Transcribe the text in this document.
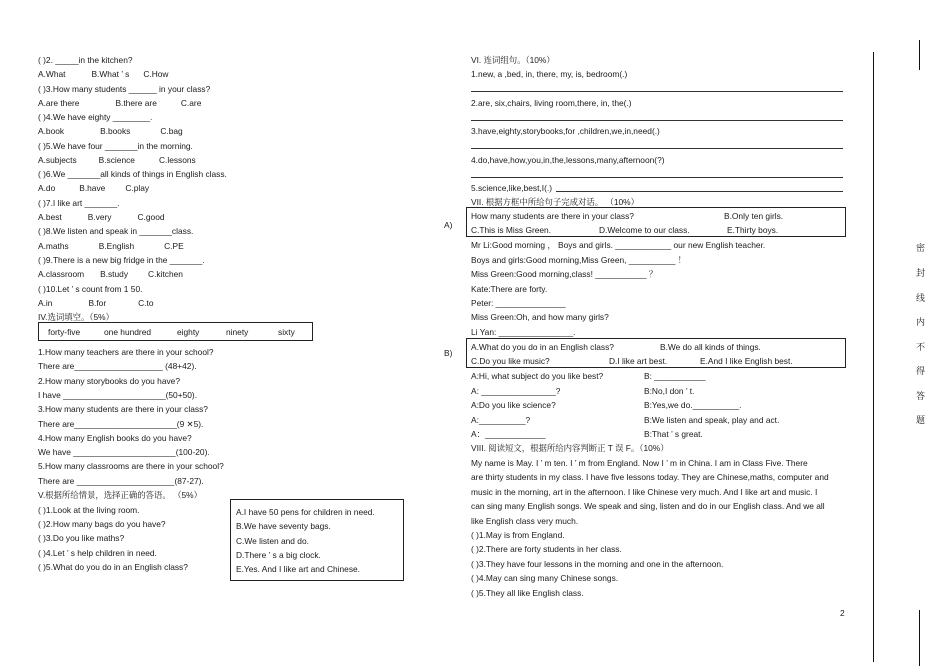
( )2. _____in the kitchen?
A.What	B.What ’ s C.How
( )3.How many students ______ in your class?
A.are there	B.there are	C.are
( )4.We have eighty ________.
A.book	B.books	C.bag
( )5.We have four _______in the morning.
A.subjects	B.science	C.lessons
( )6.We _______all kinds of things in English class.
A.do	B.have C.play
( )7.I like art _______.
A.best	B.very	C.good
( )8.We listen and speak in _______class.
A.maths	B.English	C.PE
( )9.There is a new big fridge in the _______.
A.classroom B.study C.kitchen
( )10.Let ’ s count from 1 50.
A.in	B.for	C.to
IV.选词填空。（5%）
forty-five	one hundred	eighty	ninety	sixty
1.How many teachers are there in your school?
There are___________________ (48+42).
2.How many storybooks do you have?
I have ______________________(50+50).
3.How many students are there in your class?
There are______________________(9 ✕5).
4.How many English books do you have?
We have ______________________(100-20).
5.How many classrooms are there in your school?
There are _____________________(87-27).
V.根据所给情景，选择正确的答语。 （5%）
( )1.Look at the living room.
( )2.How many bags do you have?
( )3.Do you like maths?
( )4.Let ’ s help children in need.
( )5.What do you do in an English class?
A.I have 50 pens for children in need.
B.We have seventy bags.
C.We listen and do.
D.There ’ s a big clock.
E.Yes. And I like art and Chinese.
VI. 连词组句。（10%）
1.new, a ,bed, in, there, my, is, bedroom(.)
2.are, six,chairs, living room,there, in, the(.)
3.have,eighty,storybooks,for ,children,we,in,need(.)
4.do,have,how,you,in,the,lessons,many,afternoon(?)
5.science,like,best,I(.)
VII. 根据方框中所给句子完成对话。 （10%）
A)
How many students are there in your class?	B.Only ten girls.
C.This is Miss Green.	D.Welcome to our class.	E.Thirty boys.
Mr Li:Good morning ， Boys and girls. ____________ our new English teacher.
Boys and girls:Good morning,Miss Green, __________ ！
Miss Green:Good morning,class! ___________ ？
Kate:There are forty.
Peter: _______________
Miss Green:Oh, and how many girls?
Li Yan: ________________.
B)
A.What do you do in an English class?	B.We do all kinds of things.
C.Do you like music?	D.I like art best.	E.And I like English best.
A:Hi, what subject do you like best?	B: ___________
A: ________________?	B:No,I don ’ t.
A:Do you like science?	B:Yes,we do.__________.
A:__________?	B:We listen and speak, play and act.
A：_____________	B:That ’ s great.
VIII. 阅读短文，根据所给内容判断正 T 误 F。（10%）
My name is May. I ’ m ten. I ’ m from England. Now I ’ m in China. I am in Class Five. There
are thirty students in my class. I have five lessons today. They are Chinese,maths, computer and
music in the morning, art in the afternoon. I like Chinese very much. And I like art and music. I
can sing many English songs. We speak and sing, listen and do in our English class. And we all
like English class very much.
( )1.May is from England.
( )2.There are forty students in her class.
( )3.They have four lessons in the morning and one in the afternoon.
( )4.May can sing many Chinese songs.
( )5.They all like English class.
2
密
封
线
内
不
得
答
题
